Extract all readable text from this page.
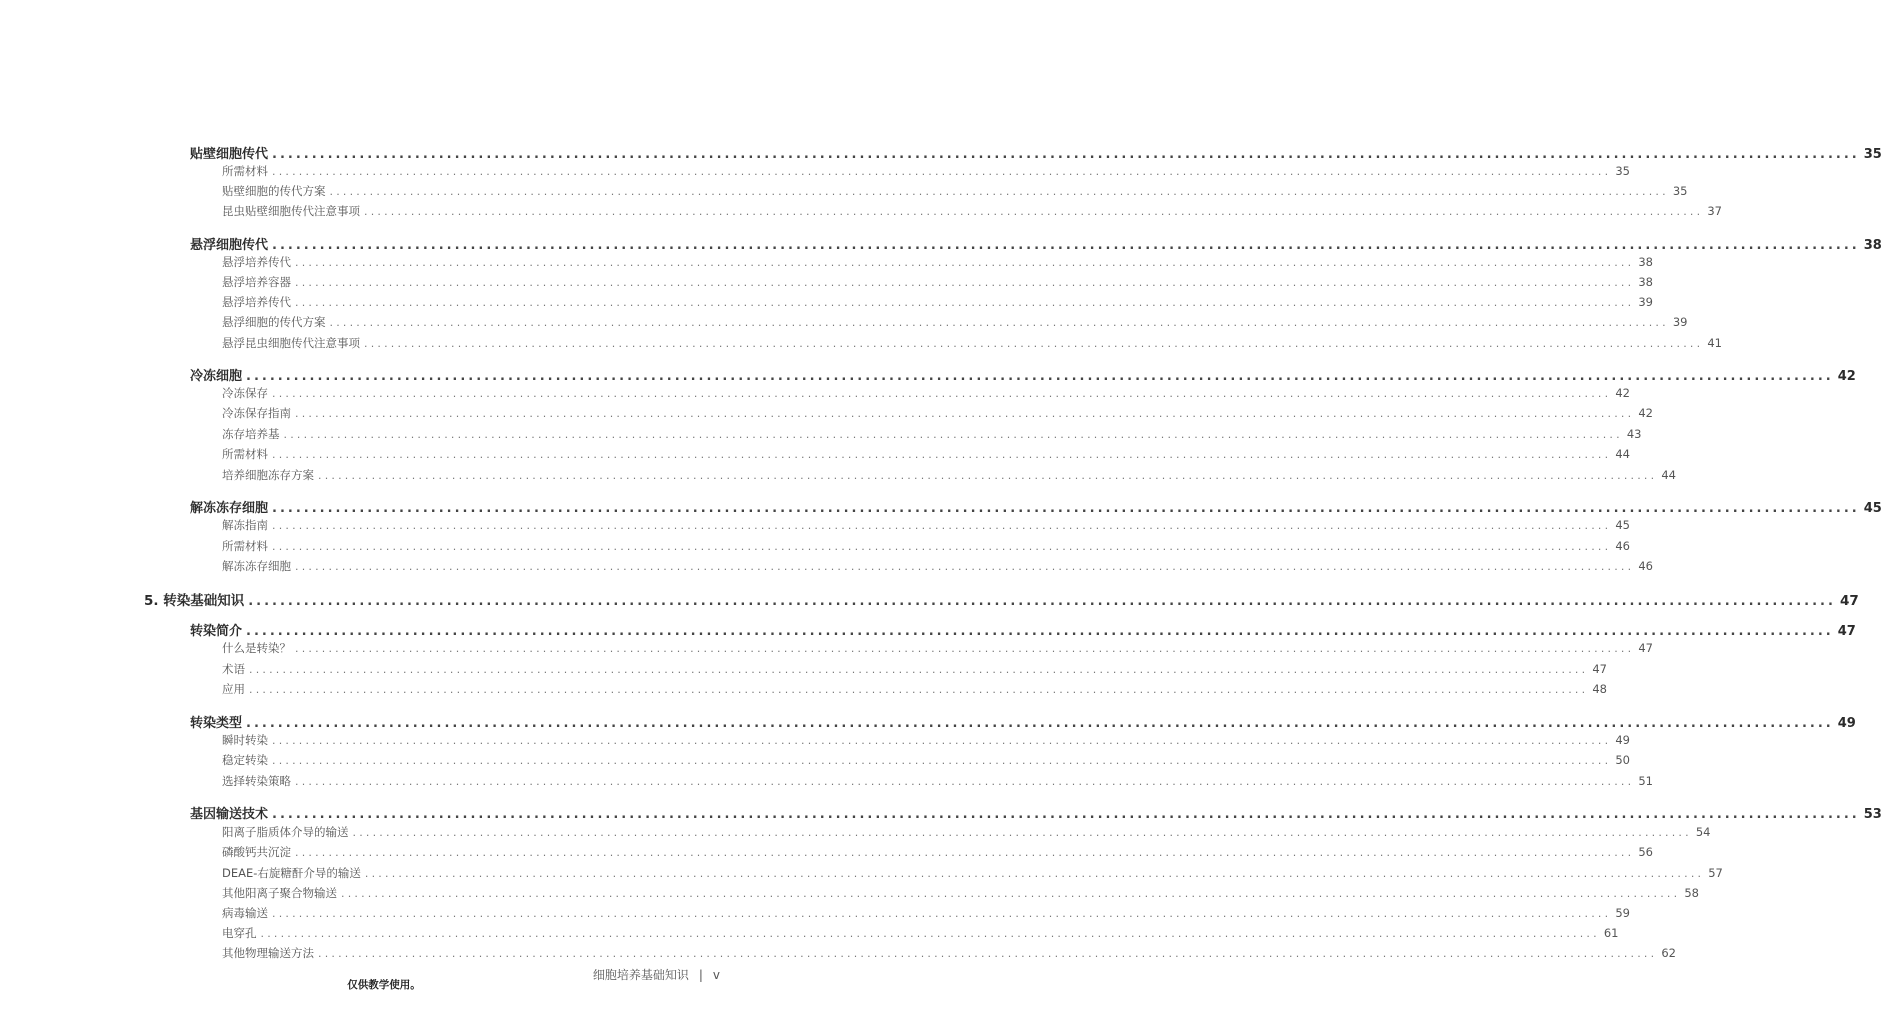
贴壁细胞传代 ........................................................................................................................................................................................................ 35
所需材料 ........................................................................................................................................................................................................ 35
贴壁细胞的传代方案 ........................................................................................................................................................................................................ 35
昆虫贴壁细胞传代注意事项 ........................................................................................................................................................................................................ 37
悬浮细胞传代 ........................................................................................................................................................................................................ 38
悬浮培养传代 ........................................................................................................................................................................................................ 38
悬浮培养容器 ........................................................................................................................................................................................................ 38
悬浮培养传代 ........................................................................................................................................................................................................ 39
悬浮细胞的传代方案 ........................................................................................................................................................................................................ 39
悬浮昆虫细胞传代注意事项 ........................................................................................................................................................................................................ 41
冷冻细胞 ........................................................................................................................................................................................................ 42
冷冻保存 ........................................................................................................................................................................................................ 42
冷冻保存指南 ........................................................................................................................................................................................................ 42
冻存培养基 ........................................................................................................................................................................................................ 43
所需材料 ........................................................................................................................................................................................................ 44
培养细胞冻存方案 ........................................................................................................................................................................................................ 44
解冻冻存细胞 ........................................................................................................................................................................................................ 45
解冻指南 ........................................................................................................................................................................................................ 45
所需材料 ........................................................................................................................................................................................................ 46
解冻冻存细胞 ........................................................................................................................................................................................................ 46
5. 转染基础知识 ........................................................................................................................................................................................................ 47
转染简介 ........................................................................................................................................................................................................ 47
什么是转染？ ........................................................................................................................................................................................................ 47
术语 ........................................................................................................................................................................................................ 47
应用 ........................................................................................................................................................................................................ 48
转染类型 ........................................................................................................................................................................................................ 49
瞬时转染 ........................................................................................................................................................................................................ 49
稳定转染 ........................................................................................................................................................................................................ 50
选择转染策略 ........................................................................................................................................................................................................ 51
基因输送技术 ........................................................................................................................................................................................................ 53
阳离子脂质体介导的输送 ........................................................................................................................................................................................................ 54
磷酸钙共沉淀 ........................................................................................................................................................................................................ 56
DEAE-右旋糖酐介导的输送 ........................................................................................................................................................................................................ 57
其他阳离子聚合物输送 ........................................................................................................................................................................................................ 58
病毒输送 ........................................................................................................................................................................................................ 59
电穿孔 ........................................................................................................................................................................................................ 61
其他物理输送方法 ........................................................................................................................................................................................................ 62
细胞培养基础知识 | v
仅供教学使用。
